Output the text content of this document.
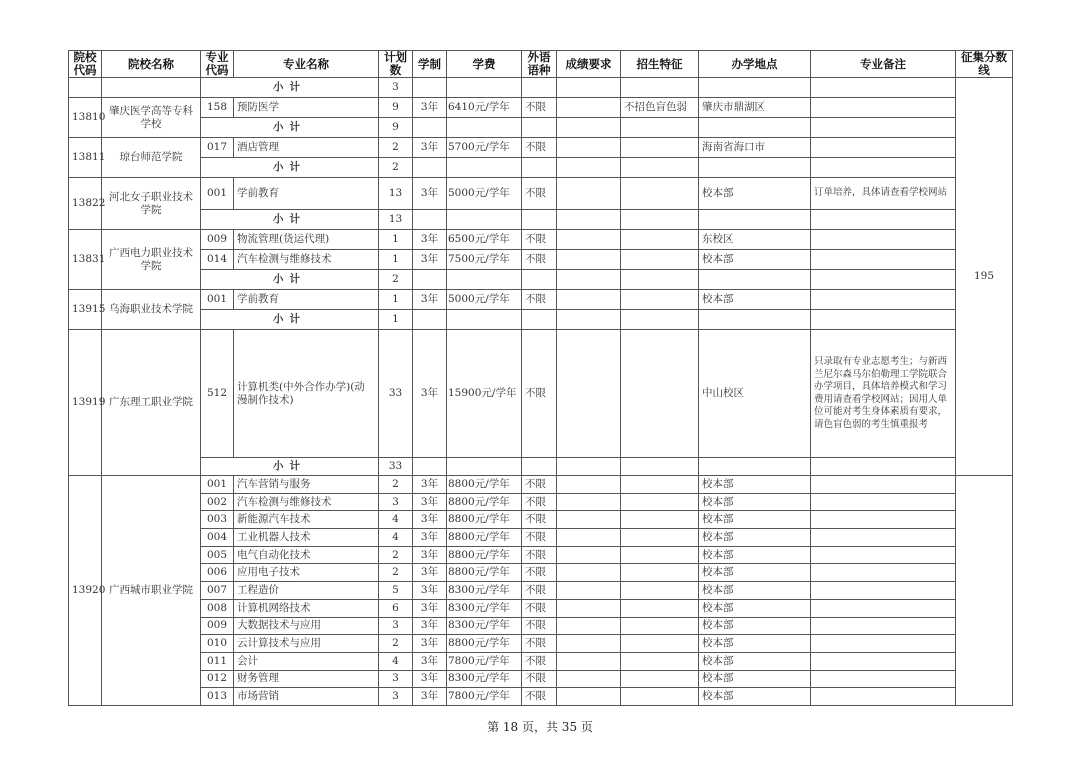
院校代码	院校名称	专业代码	专业名称	计划数	学制	学费	外语语种	成绩要求	招生特征	办学地点	专业备注	征集分数线
		小计		3								195
13810	肇庆医学高等专科学校	158	预防医学	9	3年	6410元/学年	不限		不招色盲色弱	肇庆市鼎湖区		
		小计		9								
13811	琼台师范学院	017	酒店管理	2	3年	5700元/学年	不限			海南省海口市		
		小计		2								
13822	河北女子职业技术学院	001	学前教育	13	3年	5000元/学年	不限			校本部	订单培养，具体请查看学校网站	
		小计		13								
13831	广西电力职业技术学院	009	物流管理(货运代理)	1	3年	6500元/学年	不限			东校区		
		014	汽车检测与维修技术	1	3年	7500元/学年	不限			校本部		
		小计		2								
13915	乌海职业技术学院	001	学前教育	1	3年	5000元/学年	不限			校本部		
		小计		1								
13919	广东理工职业学院	512	计算机类(中外合作办学)(动漫制作技术)	33	3年	15900元/学年	不限			中山校区	只录取有专业志愿考生；与新西兰尼尔森马尔伯勒理工学院联合办学项目，具体培养模式和学习费用请查看学校网站；因用人单位可能对考生身体素质有要求，请色盲色弱的考生慎重报考	
		小计		33								
13920	广西城市职业学院	001	汽车营销与服务	2	3年	8800元/学年	不限			校本部		
		002	汽车检测与维修技术	3	3年	8800元/学年	不限			校本部		
		003	新能源汽车技术	4	3年	8800元/学年	不限			校本部		
		004	工业机器人技术	4	3年	8800元/学年	不限			校本部		
		005	电气自动化技术	2	3年	8800元/学年	不限			校本部		
		006	应用电子技术	2	3年	8800元/学年	不限			校本部		
		007	工程造价	5	3年	8300元/学年	不限			校本部		
		008	计算机网络技术	6	3年	8300元/学年	不限			校本部		
		009	大数据技术与应用	3	3年	8300元/学年	不限			校本部		
		010	云计算技术与应用	2	3年	8800元/学年	不限			校本部		
		011	会计	4	3年	7800元/学年	不限			校本部		
		012	财务管理	3	3年	8300元/学年	不限			校本部		
		013	市场营销	3	3年	7800元/学年	不限			校本部		
第 18 页，共 35 页
